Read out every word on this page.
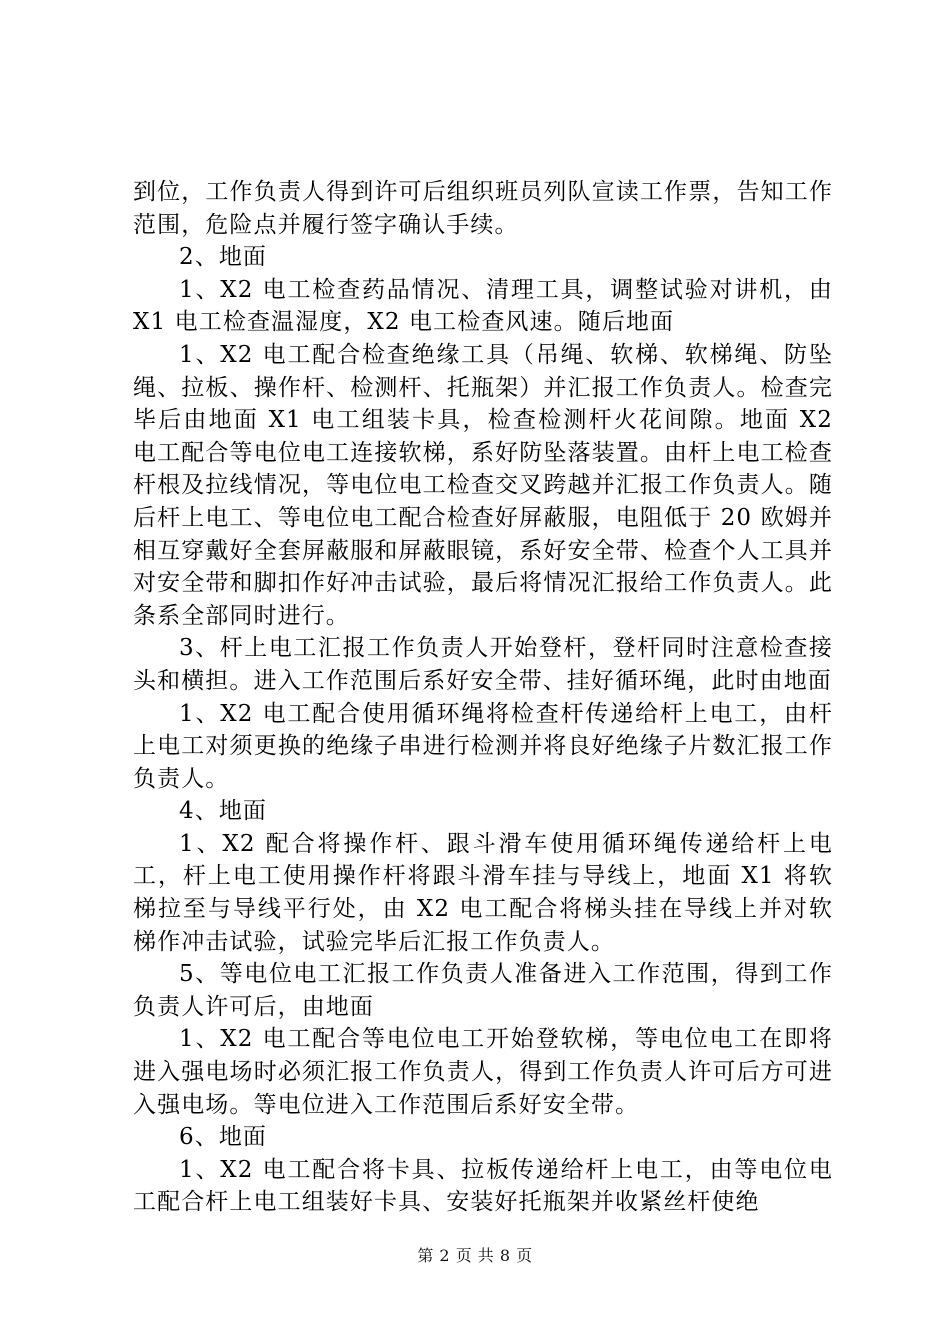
到位，工作负责人得到许可后组织班员列队宣读工作票，告知工作范围，危险点并履行签字确认手续。

2、地面

1、X2 电工检查药品情况、清理工具，调整试验对讲机，由 X1 电工检查温湿度，X2 电工检查风速。随后地面

1、X2 电工配合检查绝缘工具（吊绳、软梯、软梯绳、防坠绳、拉板、操作杆、检测杆、托瓶架）并汇报工作负责人。检查完毕后由地面 X1 电工组装卡具，检查检测杆火花间隙。地面 X2 电工配合等电位电工连接软梯，系好防坠落装置。由杆上电工检查杆根及拉线情况，等电位电工检查交叉跨越并汇报工作负责人。随后杆上电工、等电位电工配合检查好屏蔽服，电阻低于 20 欧姆并相互穿戴好全套屏蔽服和屏蔽眼镜，系好安全带、检查个人工具并对安全带和脚扣作好冲击试验，最后将情况汇报给工作负责人。此条系全部同时进行。

3、杆上电工汇报工作负责人开始登杆，登杆同时注意检查接头和横担。进入工作范围后系好安全带、挂好循环绳，此时由地面

1、X2 电工配合使用循环绳将检查杆传递给杆上电工，由杆上电工对须更换的绝缘子串进行检测并将良好绝缘子片数汇报工作负责人。

4、地面

1、X2 配合将操作杆、跟斗滑车使用循环绳传递给杆上电工，杆上电工使用操作杆将跟斗滑车挂与导线上，地面 X1 将软梯拉至与导线平行处，由 X2 电工配合将梯头挂在导线上并对软梯作冲击试验，试验完毕后汇报工作负责人。

5、等电位电工汇报工作负责人准备进入工作范围，得到工作负责人许可后，由地面

1、X2 电工配合等电位电工开始登软梯，等电位电工在即将进入强电场时必须汇报工作负责人，得到工作负责人许可后方可进入强电场。等电位进入工作范围后系好安全带。

6、地面

1、X2 电工配合将卡具、拉板传递给杆上电工，由等电位电工配合杆上电工组装好卡具、安装好托瓶架并收紧丝杆使绝

第 2 页 共 8 页
